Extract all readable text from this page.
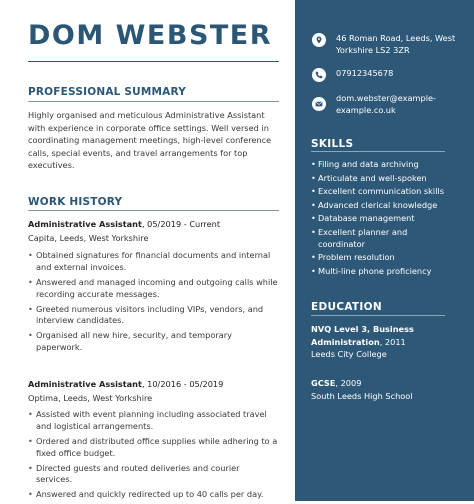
DOM WEBSTER
PROFESSIONAL SUMMARY
Highly organised and meticulous Administrative Assistant with experience in corporate office settings. Well versed in coordinating management meetings, high-level conference calls, special events, and travel arrangements for top executives.
WORK HISTORY
Administrative Assistant, 05/2019 - Current
Capita, Leeds, West Yorkshire
• Obtained signatures for financial documents and internal and external invoices.
• Answered and managed incoming and outgoing calls while recording accurate messages.
• Greeted numerous visitors including VIPs, vendors, and interview candidates.
• Organised all new hire, security, and temporary paperwork.
Administrative Assistant, 10/2016 - 05/2019
Optima, Leeds, West Yorkshire
• Assisted with event planning including associated travel and logistical arrangements.
• Ordered and distributed office supplies while adhering to a fixed office budget.
• Directed guests and routed deliveries and courier services.
• Answered and quickly redirected up to 40 calls per day.
46 Roman Road, Leeds, West Yorkshire LS2 3ZR
07912345678
dom.webster@example-example.co.uk
SKILLS
• Filing and data archiving
• Articulate and well-spoken
• Excellent communication skills
• Advanced clerical knowledge
• Database management
• Excellent planner and coordinator
• Problem resolution
• Multi-line phone proficiency
EDUCATION
NVQ Level 3, Business Administration, 2011
Leeds City College
GCSE, 2009
South Leeds High School
